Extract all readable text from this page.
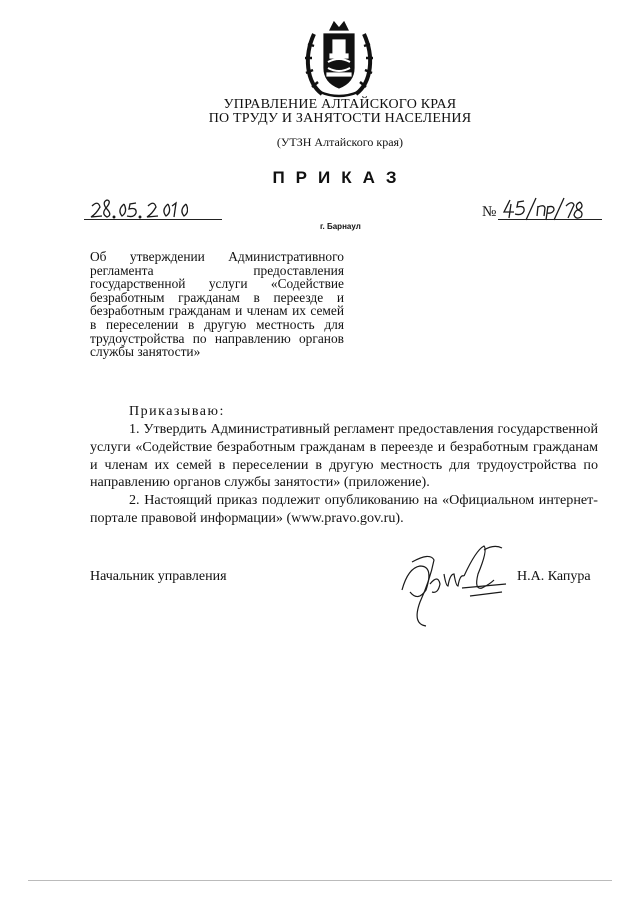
УПРАВЛЕНИЕ АЛТАЙСКОГО КРАЯ
ПО ТРУДУ И ЗАНЯТОСТИ НАСЕЛЕНИЯ
(УТЗН Алтайского края)
ПРИКАЗ
№
г. Барнаул
Об утверждении Административного регламента предоставления государственной услуги «Содействие безработным гражданам в переезде и безработным гражданам и членам их семей в переселении в другую местность для трудоустройства по направлению органов службы занятости»
Приказываю:

1. Утвердить Административный регламент предоставления государственной услуги «Содействие безработным гражданам в переезде и безработным гражданам и членам их семей в переселении в другую местность для трудоустройства по направлению органов службы занятости» (приложение).

2. Настоящий приказ подлежит опубликованию на «Официальном интернет-портале правовой информации» (www.pravo.gov.ru).

Начальник управления	Н.А. Капура
